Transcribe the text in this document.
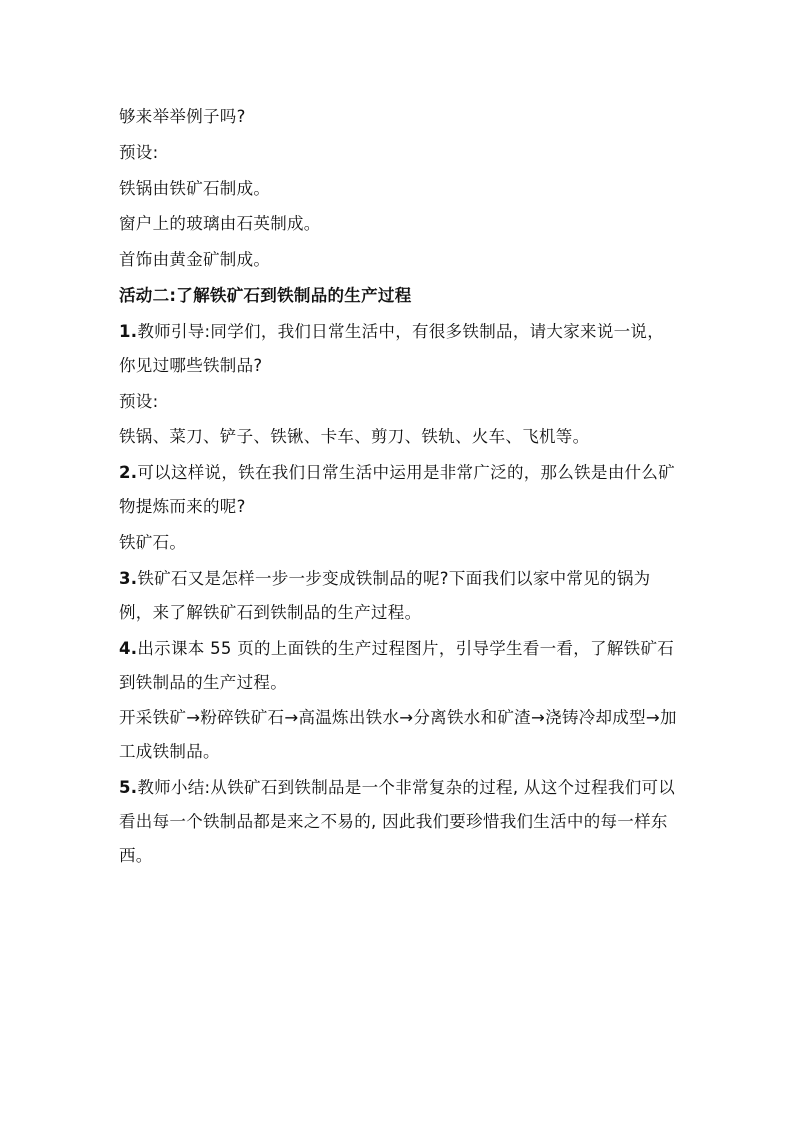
够来举举例子吗?

预设:

铁锅由铁矿石制成。

窗户上的玻璃由石英制成。

首饰由黄金矿制成。

活动二:了解铁矿石到铁制品的生产过程

1.教师引导:同学们，我们日常生活中，有很多铁制品，请大家来说一说，你见过哪些铁制品?

预设:

铁锅、菜刀、铲子、铁锹、卡车、剪刀、铁轨、火车、飞机等。

2.可以这样说，铁在我们日常生活中运用是非常广泛的，那么铁是由什么矿物提炼而来的呢?

铁矿石。

3.铁矿石又是怎样一步一步变成铁制品的呢?下面我们以家中常见的锅为例，来了解铁矿石到铁制品的生产过程。

4.出示课本 55 页的上面铁的生产过程图片，引导学生看一看，了解铁矿石到铁制品的生产过程。

开采铁矿→粉碎铁矿石→高温炼出铁水→分离铁水和矿渣→浇铸冷却成型→加工成铁制品。

5.教师小结:从铁矿石到铁制品是一个非常复杂的过程, 从这个过程我们可以看出每一个铁制品都是来之不易的, 因此我们要珍惜我们生活中的每一样东西。
